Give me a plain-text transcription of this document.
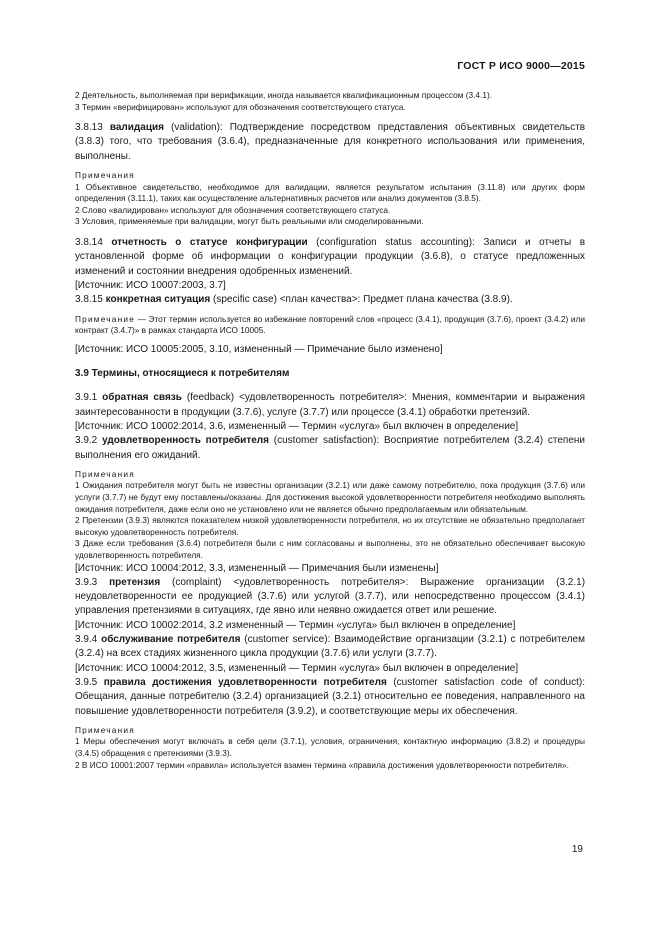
ГОСТ Р ИСО 9000—2015
2 Деятельность, выполняемая при верификации, иногда называется квалификационным процессом (3.4.1).
3 Термин «верифицирован» используют для обозначения соответствующего статуса.
3.8.13 валидация (validation): Подтверждение посредством представления объективных свидетельств (3.8.3) того, что требования (3.6.4), предназначенные для конкретного использования или применения, выполнены.
Примечания
1 Объективное свидетельство, необходимое для валидации, является результатом испытания (3.11.8) или других форм определения (3.11.1), таких как осуществление альтернативных расчетов или анализ документов (3.8.5).
2 Слово «валидирован» используют для обозначения соответствующего статуса.
3 Условия, применяемые при валидации, могут быть реальными или смоделированными.
3.8.14 отчетность о статусе конфигурации (configuration status accounting): Записи и отчеты в установленной форме об информации о конфигурации продукции (3.6.8), о статусе предложенных изменений и состоянии внедрения одобренных изменений.
[Источник: ИСО 10007:2003, 3.7]
3.8.15 конкретная ситуация (specific case) <план качества>: Предмет плана качества (3.8.9).
Примечание — Этот термин используется во избежание повторений слов «процесс (3.4.1), продукция (3.7.6), проект (3.4.2) или контракт (3.4.7)» в рамках стандарта ИСО 10005.
[Источник: ИСО 10005:2005, 3.10, измененный — Примечание было изменено]
3.9 Термины, относящиеся к потребителям
3.9.1 обратная связь (feedback) <удовлетворенность потребителя>: Мнения, комментарии и выражения заинтересованности в продукции (3.7.6), услуге (3.7.7) или процессе (3.4.1) обработки претензий.
[Источник: ИСО 10002:2014, 3.6, измененный — Термин «услуга» был включен в определение]
3.9.2 удовлетворенность потребителя (customer satisfaction): Восприятие потребителем (3.2.4) степени выполнения его ожиданий.
Примечания
1 Ожидания потребителя могут быть не известны организации (3.2.1) или даже самому потребителю, пока продукция (3.7.6) или услуги (3.7.7) не будут ему поставлены/оказаны. Для достижения высокой удовлетворенности потребителя необходимо выполнять ожидания потребителя, даже если оно не установлено или не является обычно предполагаемым или обязательным.
2 Претензии (3.9.3) являются показателем низкой удовлетворенности потребителя, но их отсутствие не обязательно предполагает высокую удовлетворенность потребителя.
3 Даже если требования (3.6.4) потребителя были с ним согласованы и выполнены, это не обязательно обеспечивает высокую удовлетворенность потребителя.
[Источник: ИСО 10004:2012, 3.3, измененный — Примечания были изменены]
3.9.3 претензия (complaint) <удовлетворенность потребителя>: Выражение организации (3.2.1) неудовлетворенности ее продукцией (3.7.6) или услугой (3.7.7), или непосредственно процессом (3.4.1) управления претензиями в ситуациях, где явно или неявно ожидается ответ или решение.
[Источник: ИСО 10002:2014, 3.2 измененный — Термин «услуга» был включен в определение]
3.9.4 обслуживание потребителя (customer service): Взаимодействие организации (3.2.1) с потребителем (3.2.4) на всех стадиях жизненного цикла продукции (3.7.6) или услуги (3.7.7).
[Источник: ИСО 10004:2012, 3.5, измененный — Термин «услуга» был включен в определение]
3.9.5 правила достижения удовлетворенности потребителя (customer satisfaction code of conduct): Обещания, данные потребителю (3.2.4) организацией (3.2.1) относительно ее поведения, направленного на повышение удовлетворенности потребителя (3.9.2), и соответствующие меры их обеспечения.
Примечания
1 Меры обеспечения могут включать в себя цели (3.7.1), условия, ограничения, контактную информацию (3.8.2) и процедуры (3.4.5) обращения с претензиями (3.9.3).
2 В ИСО 10001:2007 термин «правила» используется взамен термина «правила достижения удовлетворенности потребителя».
19
